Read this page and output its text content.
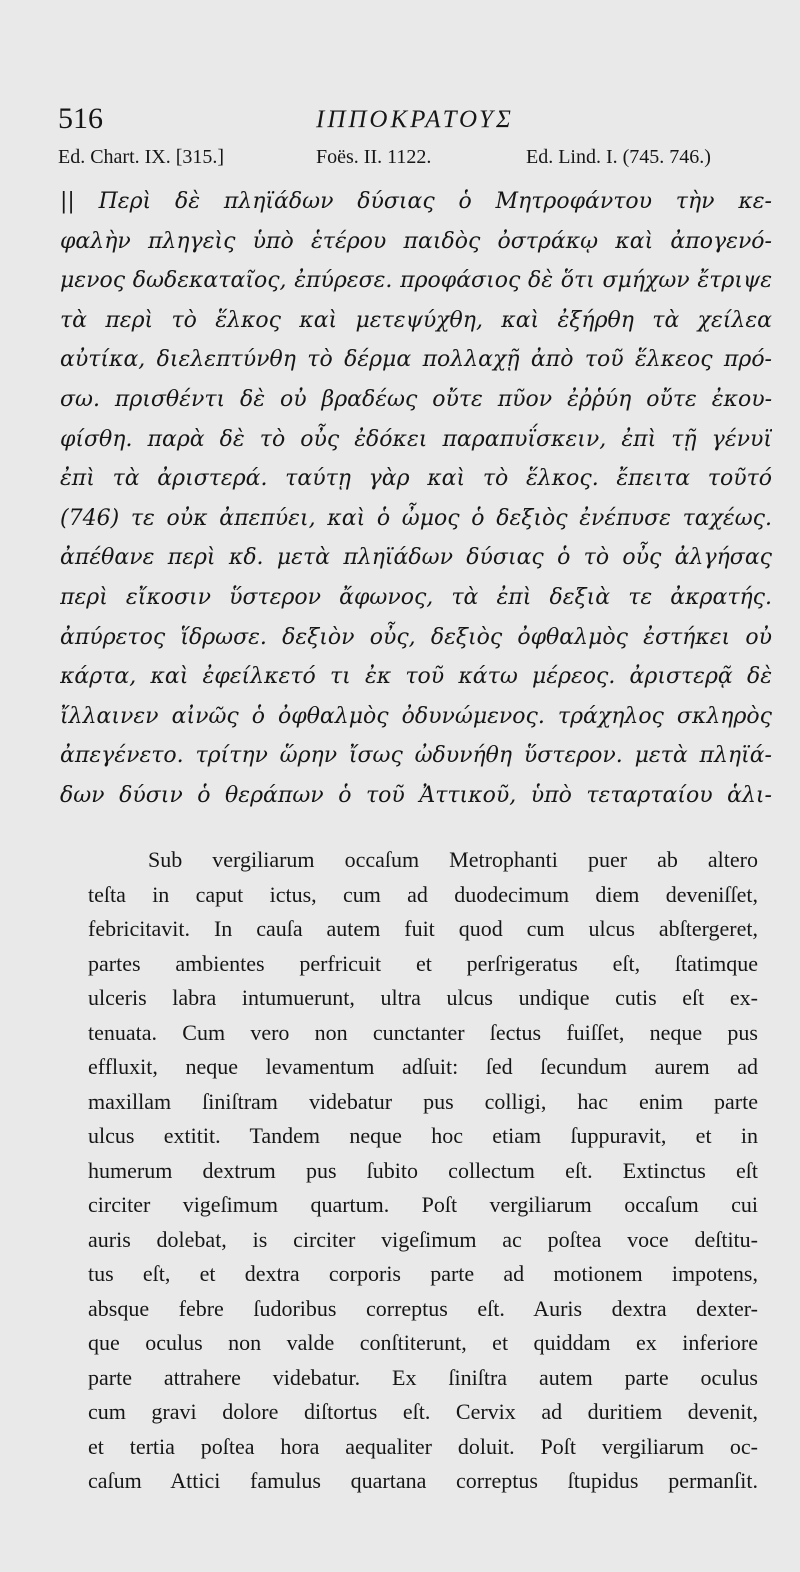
516	ΙΠΠΟΚΡΑΤΟΥΣ
Ed. Chart. IX. [315.]	Foës. II. 1122.	Ed. Lind. I. (745. 746.)
|| Περὶ δὲ πληϊάδων δύσιας ὁ Μητροφάντου τὴν κε-
φαλὴν πληγεὶς ὑπὸ ἑτέρου παιδὸς ὀστράκῳ καὶ ἀπογενό-
μενος δωδεκαταῖος, ἐπύρεσε. προφάσιος δὲ ὅτι σμήχων ἔτριψε
τὰ περὶ τὸ ἕλκος καὶ μετεψύχθη, καὶ ἐξήρθη τὰ χείλεα
αὐτίκα, διελεπτύνθη τὸ δέρμα πολλαχῇ ἀπὸ τοῦ ἕλκεος πρό-
σω. πρισθέντι δὲ οὐ βραδέως οὔτε πῦον ἐῤῥύη οὔτε ἐκου-
φίσθη. παρὰ δὲ τὸ οὖς ἐδόκει παραπυΐσκειν, ἐπὶ τῇ γένυϊ
ἐπὶ τὰ ἀριστερά. ταύτῃ γὰρ καὶ τὸ ἕλκος. ἔπειτα τοῦτό
(746) τε οὐκ ἀπεπύει, καὶ ὁ ὦμος ὁ δεξιὸς ἐνέπυσε ταχέως.
ἀπέθανε περὶ κδ. μετὰ πληϊάδων δύσιας ὁ τὸ οὖς ἀλγήσας
περὶ εἴκοσιν ὕστερον ἄφωνος, τὰ ἐπὶ δεξιὰ τε ἀκρατής.
ἀπύρετος ἵδρωσε. δεξιὸν οὖς, δεξιὸς ὀφθαλμὸς ἐστήκει οὐ
κάρτα, καὶ ἐφείλκετό τι ἐκ τοῦ κάτω μέρεος. ἀριστερᾷ δὲ
ἴλλαινεν αἰνῶς ὁ ὀφθαλμὸς ὀδυνώμενος. τράχηλος σκληρὸς
ἀπεγένετο. τρίτην ὥρην ἴσως ὠδυνήθη ὕστερον. μετὰ πληϊά-
δων δύσιν ὁ θεράπων ὁ τοῦ Ἀττικοῦ, ὑπὸ τεταρταίου ἁλι-
Sub vergiliarum occaſum Metrophanti puer ab altero
teſta in caput ictus, cum ad duodecimum diem deveniſſet,
febricitavit. In cauſa autem fuit quod cum ulcus abſtergeret,
partes ambientes perfricuit et perſrigeratus eſt, ſtatimque
ulceris labra intumuerunt, ultra ulcus undique cutis eſt ex-
tenuata. Cum vero non cunctanter ſectus fuiſſet, neque pus
effluxit, neque levamentum adſuit: ſed ſecundum aurem ad
maxillam ſiniſtram videbatur pus colligi, hac enim parte
ulcus extitit. Tandem neque hoc etiam ſuppuravit, et in
humerum dextrum pus ſubito collectum eſt. Extinctus eſt
circiter vigeſimum quartum. Poſt vergiliarum occaſum cui
auris dolebat, is circiter vigeſimum ac poſtea voce deſtitu-
tus eſt, et dextra corporis parte ad motionem impotens,
absque febre ſudoribus correptus eſt. Auris dextra dexter-
que oculus non valde conſtiterunt, et quiddam ex inferiore
parte attrahere videbatur. Ex ſiniſtra autem parte oculus
cum gravi dolore diſtortus eſt. Cervix ad duritiem devenit,
et tertia poſtea hora aequaliter doluit. Poſt vergiliarum oc-
caſum Attici famulus quartana correptus ſtupidus permanſit.
